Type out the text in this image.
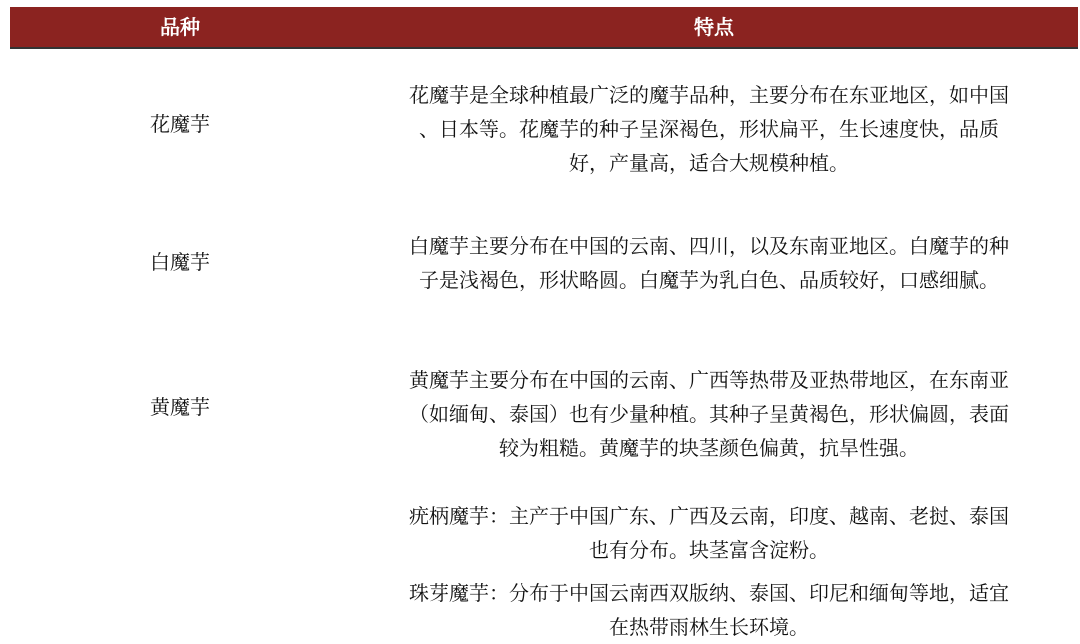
品种	特点
花魔芋
花魔芋是全球种植最广泛的魔芋品种，主要分布在东亚地区，如中国
、日本等。花魔芋的种子呈深褐色，形状扁平，生长速度快，品质
好，产量高，适合大规模种植。
白魔芋
白魔芋主要分布在中国的云南、四川，以及东南亚地区。白魔芋的种
子是浅褐色，形状略圆。白魔芋为乳白色、品质较好，口感细腻。
黄魔芋
黄魔芋主要分布在中国的云南、广西等热带及亚热带地区，在东南亚
（如缅甸、泰国）也有少量种植。其种子呈黄褐色，形状偏圆，表面
较为粗糙。黄魔芋的块茎颜色偏黄，抗旱性强。
疣柄魔芋：主产于中国广东、广西及云南，印度、越南、老挝、泰国
也有分布。块茎富含淀粉。
珠芽魔芋：分布于中国云南西双版纳、泰国、印尼和缅甸等地，适宜
在热带雨林生长环境。
